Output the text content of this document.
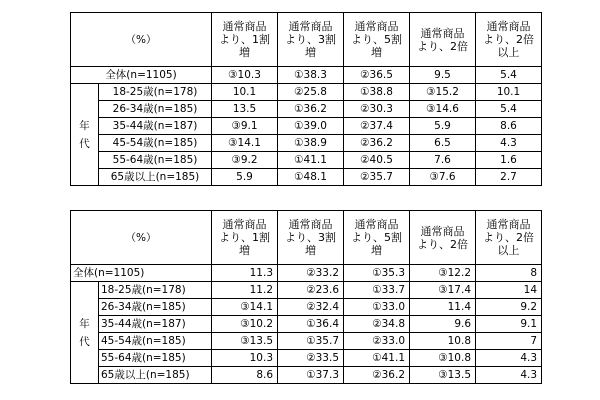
（%）		通常商品
より、1割
増	通常商品
より、3割
増	通常商品
より、5割
増	通常商品
より、2倍	通常商品
より、2倍
以上
全体(n=1105)		③10.3	①38.3	②36.5	9.5	5.4
年
代	18-25歳(n=178)	10.1	②25.8	①38.8	③15.2	10.1
	26-34歳(n=185)	13.5	①36.2	②30.3	③14.6	5.4
	35-44歳(n=187)	③9.1	①39.0	②37.4	5.9	8.6
	45-54歳(n=185)	③14.1	①38.9	②36.2	6.5	4.3
	55-64歳(n=185)	③9.2	①41.1	②40.5	7.6	1.6
	65歳以上(n=185)	5.9	①48.1	②35.7	③7.6	2.7
（%）		通常商品
より、1割
増	通常商品
より、3割
増	通常商品
より、5割
増	通常商品
より、2倍	通常商品
より、2倍
以上
全体(n=1105)		11.3	②33.2	①35.3	③12.2	8
年
代	18-25歳(n=178)	11.2	②23.6	①33.7	③17.4	14
	26-34歳(n=185)	③14.1	②32.4	①33.0	11.4	9.2
	35-44歳(n=187)	③10.2	①36.4	②34.8	9.6	9.1
	45-54歳(n=185)	③13.5	①35.7	②33.0	10.8	7
	55-64歳(n=185)	10.3	②33.5	①41.1	③10.8	4.3
	65歳以上(n=185)	8.6	①37.3	②36.2	③13.5	4.3
